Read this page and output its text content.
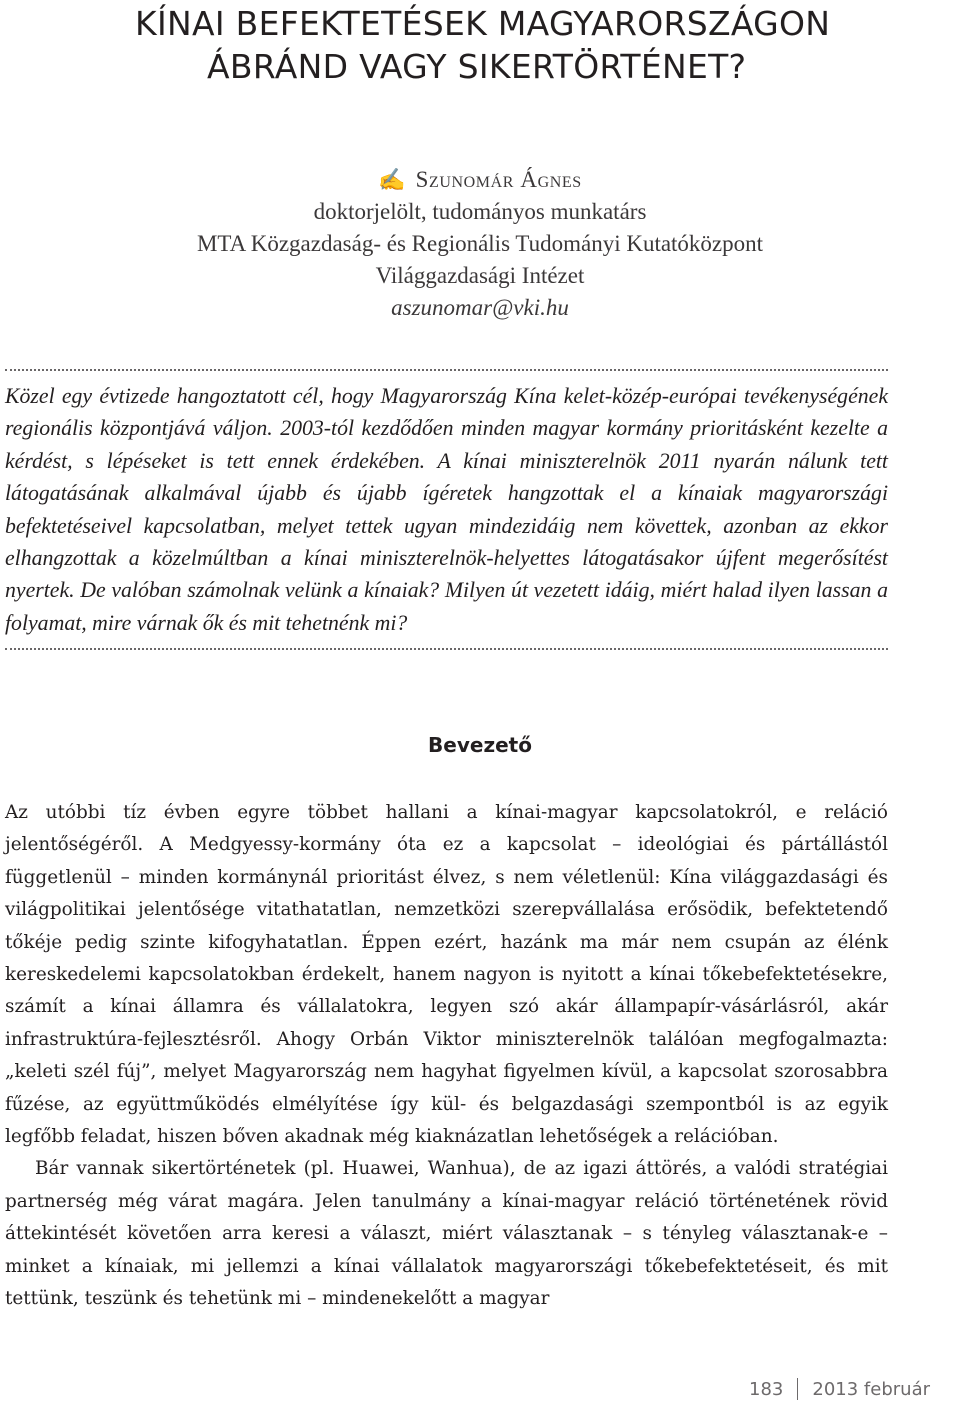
KÍNAI BEFEKTETÉSEK MAGYARORSZÁGON
ÁBRÁND VAGY SIKERTÖRTÉNET?
✍ Szunomár Ágnes
doktorjelölt, tudományos munkatárs
MTA Közgazdaság- és Regionális Tudományi Kutatóközpont
Világgazdasági Intézet
aszunomar@vki.hu
Közel egy évtizede hangoztatott cél, hogy Magyarország Kína kelet-közép-európai tevékenységének regionális központjává váljon. 2003-tól kezdődően minden magyar kormány prioritásként kezelte a kérdést, s lépéseket is tett ennek érdekében. A kínai miniszterelnök 2011 nyarán nálunk tett látogatásának alkalmával újabb és újabb ígéretek hangzottak el a kínaiak magyarországi befektetéseivel kapcsolatban, melyet tettek ugyan mindezidáig nem követtek, azonban az ekkor elhangzottak a közelmúltban a kínai miniszterelnök-helyettes látogatásakor újfent megerősítést nyertek. De valóban számolnak velünk a kínaiak? Milyen út vezetett idáig, miért halad ilyen lassan a folyamat, mire várnak ők és mit tehetnénk mi?
Bevezető

Az utóbbi tíz évben egyre többet hallani a kínai-magyar kapcsolatokról, e reláció jelentőségéről. A Medgyessy-kormány óta ez a kapcsolat – ideológiai és pártállástól függetlenül – minden kormánynál prioritást élvez, s nem véletlenül: Kína világgazdasági és világpolitikai jelentősége vitathatatlan, nemzetközi szerepvállalása erősödik, befektetendő tőkéje pedig szinte kifogyhatatlan. Éppen ezért, hazánk ma már nem csupán az élénk kereskedelemi kapcsolatokban érdekelt, hanem nagyon is nyitott a kínai tőkebefektetésekre, számít a kínai államra és vállalatokra, legyen szó akár állampapír-vásárlásról, akár infrastruktúra-fejlesztésről. Ahogy Orbán Viktor miniszterelnök találóan megfogalmazta: „keleti szél fúj”, melyet Magyarország nem hagyhat figyelmen kívül, a kapcsolat szorosabbra fűzése, az együttműködés elmélyítése így kül- és belgazdasági szempontból is az egyik legfőbb feladat, hiszen bőven akadnak még kiaknázatlan lehetőségek a relációban.

Bár vannak sikertörténetek (pl. Huawei, Wanhua), de az igazi áttörés, a valódi stratégiai partnerség még várat magára. Jelen tanulmány a kínai-magyar reláció történetének rövid áttekintését követően arra keresi a választ, miért választanak – s tényleg választanak-e – minket a kínaiak, mi jellemzi a kínai vállalatok magyarországi tőkebefektetéseit, és mit tettünk, teszünk és tehetünk mi – mindenekelőtt a magyar

183 2013 február
